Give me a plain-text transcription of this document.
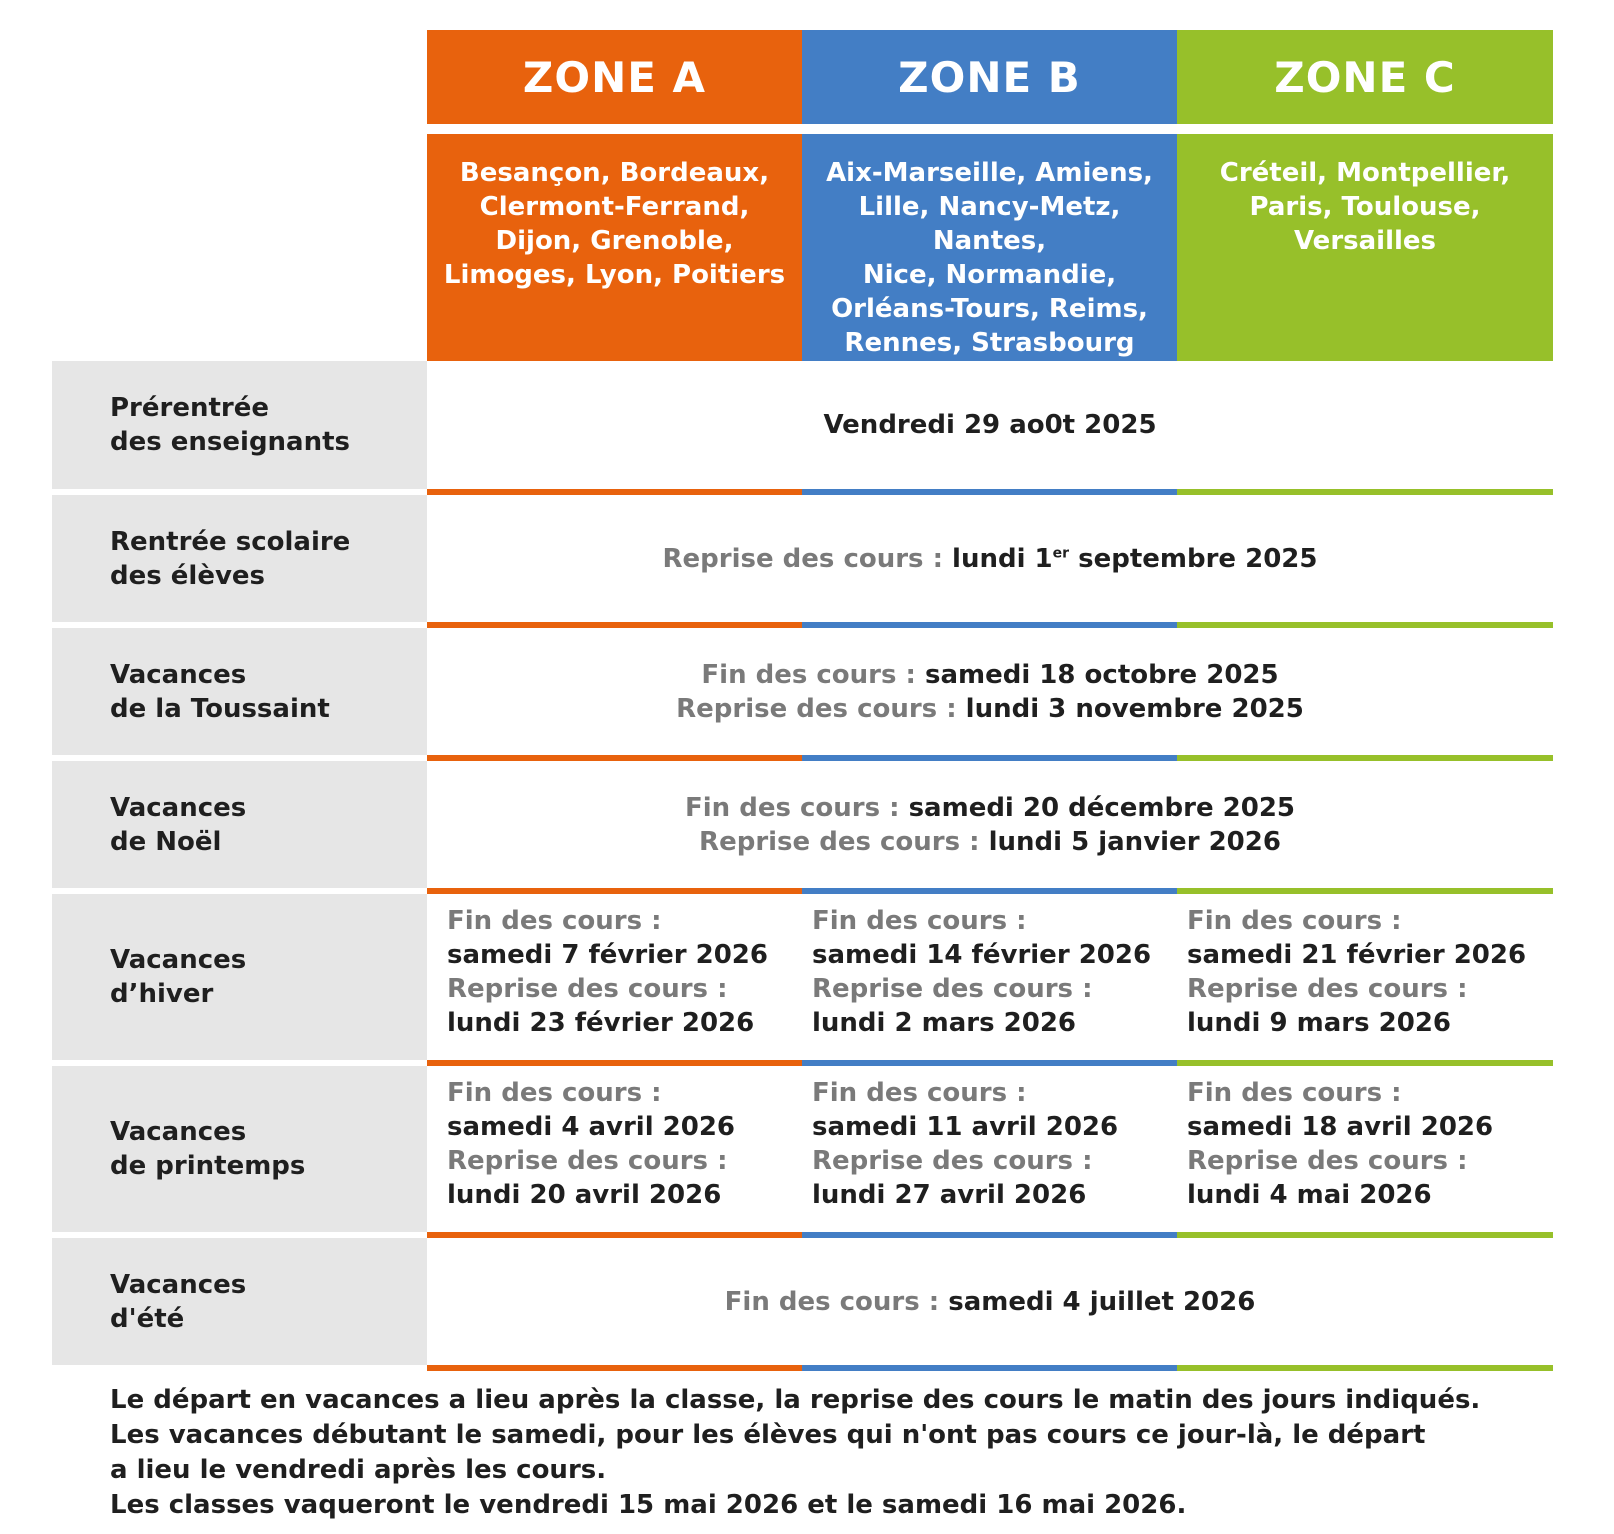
ZONE A	ZONE B	ZONE C
Besançon, Bordeaux,
Clermont-Ferrand,
Dijon, Grenoble,
Limoges, Lyon, Poitiers
Aix-Marseille, Amiens,
Lille, Nancy-Metz, Nantes,
Nice, Normandie,
Orléans-Tours, Reims,
Rennes, Strasbourg
Créteil, Montpellier,
Paris, Toulouse,
Versailles
Prérentrée
des enseignants
Vendredi 29 ao0t 2025
Rentrée scolaire
des élèves
Reprise des cours : lundi 1er septembre 2025
Vacances
de la Toussaint
Fin des cours : samedi 18 octobre 2025
Reprise des cours : lundi 3 novembre 2025
Vacances
de Noël
Fin des cours : samedi 20 décembre 2025
Reprise des cours : lundi 5 janvier 2026
Vacances
d’hiver
Fin des cours :
samedi 7 février 2026
Reprise des cours :
lundi 23 février 2026
Fin des cours :
samedi 14 février 2026
Reprise des cours :
lundi 2 mars 2026
Fin des cours :
samedi 21 février 2026
Reprise des cours :
lundi 9 mars 2026
Vacances
de printemps
Fin des cours :
samedi 4 avril 2026
Reprise des cours :
lundi 20 avril 2026
Fin des cours :
samedi 11 avril 2026
Reprise des cours :
lundi 27 avril 2026
Fin des cours :
samedi 18 avril 2026
Reprise des cours :
lundi 4 mai 2026
Vacances
d'été
Fin des cours : samedi 4 juillet 2026
Le départ en vacances a lieu après la classe, la reprise des cours le matin des jours indiqués.
Les vacances débutant le samedi, pour les élèves qui n'ont pas cours ce jour-là, le départ
a lieu le vendredi après les cours.
Les classes vaqueront le vendredi 15 mai 2026 et le samedi 16 mai 2026.
